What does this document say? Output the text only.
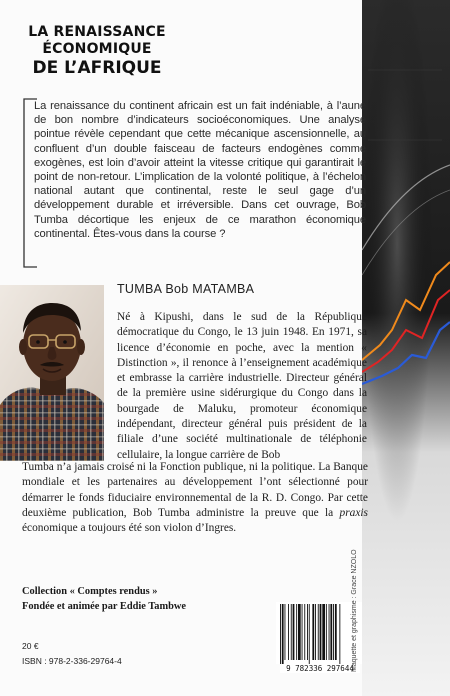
LA RENAISSANCE
ÉCONOMIQUE
DE L’AFRIQUE
La renaissance du continent africain est un fait indéniable, à l’aune de bon nombre d’indicateurs socioéconomiques. Une analyse pointue révèle cependant que cette mécanique ascensionnelle, au confluent d’un double faisceau de facteurs endogènes comme exogènes, est loin d’avoir atteint la vitesse critique qui garantirait le point de non-retour. L’implication de la volonté politique, à l’échelon national autant que continental, reste le seul gage d’un développement durable et irréversible. Dans cet ouvrage, Bob Tumba décortique les enjeux de ce marathon économique continental. Êtes-vous dans la course ?
TUMBA Bob MATAMBA
Né à Kipushi, dans le sud de la République démocratique du Congo, le 13 juin 1948. En 1971, sa licence d’économie en poche, avec la mention « Distinction », il renonce à l’enseignement académique et embrasse la carrière industrielle. Directeur général de la première usine sidérurgique du Congo dans la bourgade de Maluku, promoteur économique indépendant, directeur général puis président de la filiale d’une société multinationale de téléphonie cellulaire, la longue carrière de Bob
Tumba n’a jamais croisé ni la Fonction publique, ni la politique. La Banque mondiale et les partenaires au développement l’ont sélectionné pour démarrer le fonds fiduciaire environnemental de la R. D. Congo. Par cette deuxième publication, Bob Tumba administre la preuve que la praxis économique a toujours été son violon d’Ingres.
Collection « Comptes rendus »
Fondée et animée par Eddie Tambwe
20 €
ISBN : 978-2-336-29764-4
9 782336 297644
Maquette et graphisme : Grace NZOLO
